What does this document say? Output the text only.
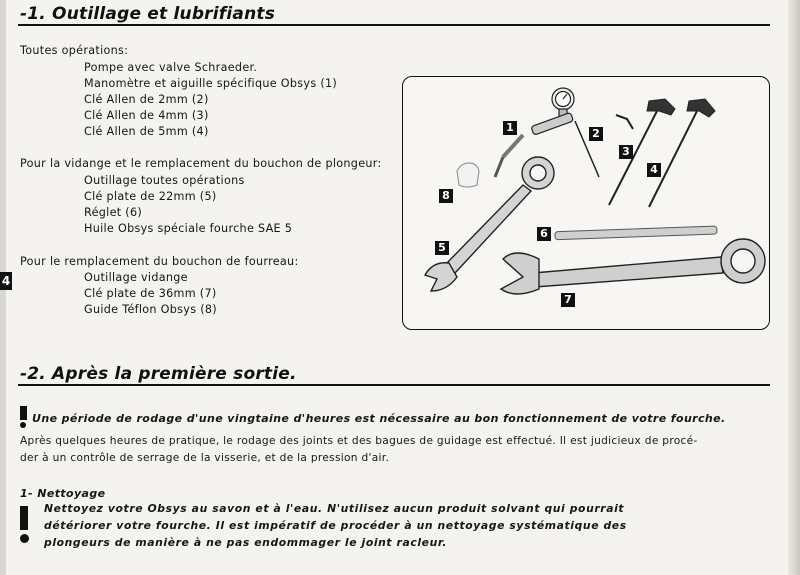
4
-1. Outillage et lubrifiants
Toutes opérations:
Pompe avec valve Schraeder.
Manomètre et aiguille spécifique Obsys (1)
Clé Allen de 2mm (2)
Clé Allen de 4mm (3)
Clé Allen de 5mm (4)
Pour la vidange et le remplacement du bouchon de plongeur:
Outillage toutes opérations
Clé plate de 22mm (5)
Réglet (6)
Huile Obsys spéciale fourche SAE 5
Pour le remplacement du bouchon de fourreau:
Outillage vidange
Clé plate de 36mm (7)
Guide Téflon Obsys (8)
1	2
3
4
5
6
7
8
-2. Après la première sortie.
Une période de rodage d'une vingtaine d'heures est nécessaire au bon fonctionnement de votre fourche.
Après quelques heures de pratique, le rodage des joints et des bagues de guidage est effectué. Il est judicieux de procé-
der à un contrôle de serrage de la visserie, et de la pression d'air.
1- Nettoyage
Nettoyez votre Obsys au savon et à l'eau. N'utilisez aucun produit solvant qui pourrait
détériorer votre fourche. Il est impératif de procéder à un nettoyage systématique des
plongeurs de manière à ne pas endommager le joint racleur.
